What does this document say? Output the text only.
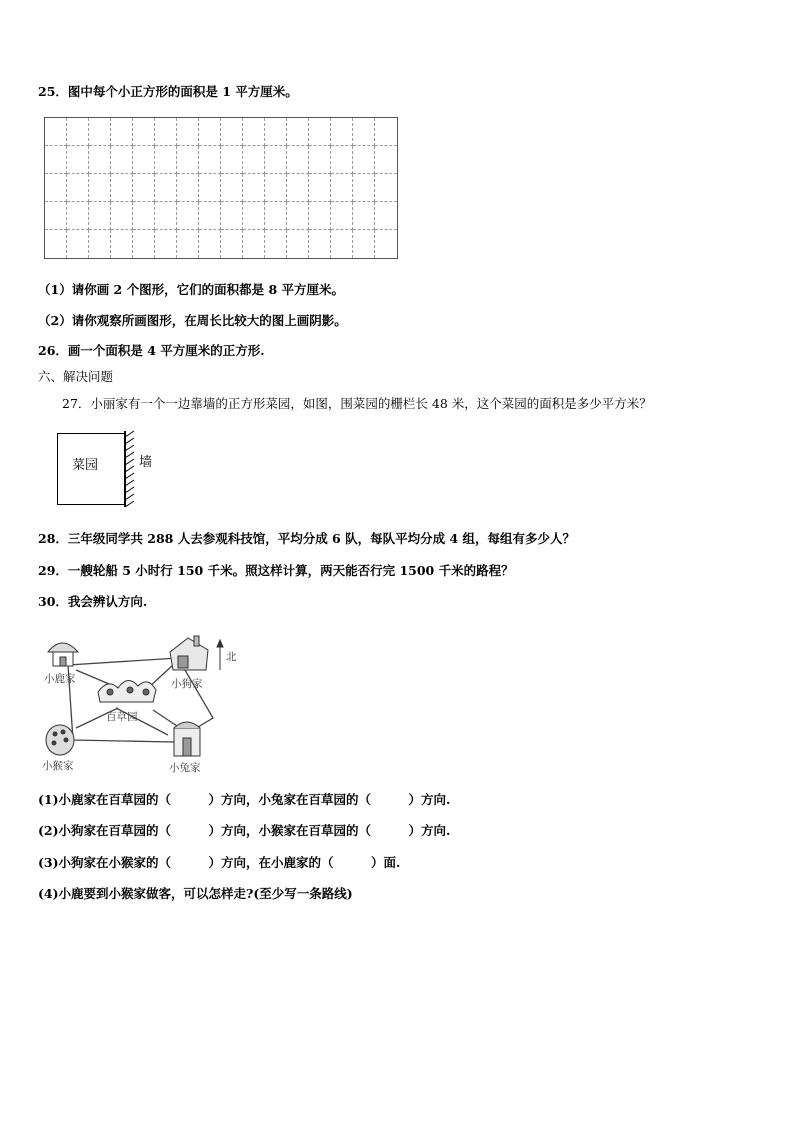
25．图中每个小正方形的面积是 1 平方厘米。
（1）请你画 2 个图形，它们的面积都是 8 平方厘米。
（2）请你观察所画图形，在周长比较大的图上画阴影。
26．画一个面积是 4 平方厘米的正方形.
六、解决问题
27．小丽家有一个一边靠墙的正方形菜园，如图，围菜园的栅栏长 48 米，这个菜园的面积是多少平方米？
菜园	墙
28．三年级同学共 288 人去参观科技馆，平均分成 6 队，每队平均分成 4 组，每组有多少人？
29．一艘轮船 5 小时行 150 千米。照这样计算，两天能否行完 1500 千米的路程？
30．我会辨认方向.
小鹿家	小狗家
百草园
小猴家	小兔家
北
(1)小鹿家在百草园的（　　　）方向，小兔家在百草园的（　　　）方向.
(2)小狗家在百草园的（　　　）方向，小猴家在百草园的（　　　）方向.
(3)小狗家在小猴家的（　　　）方向，在小鹿家的（　　　）面.
(4)小鹿要到小猴家做客，可以怎样走?(至少写一条路线)
